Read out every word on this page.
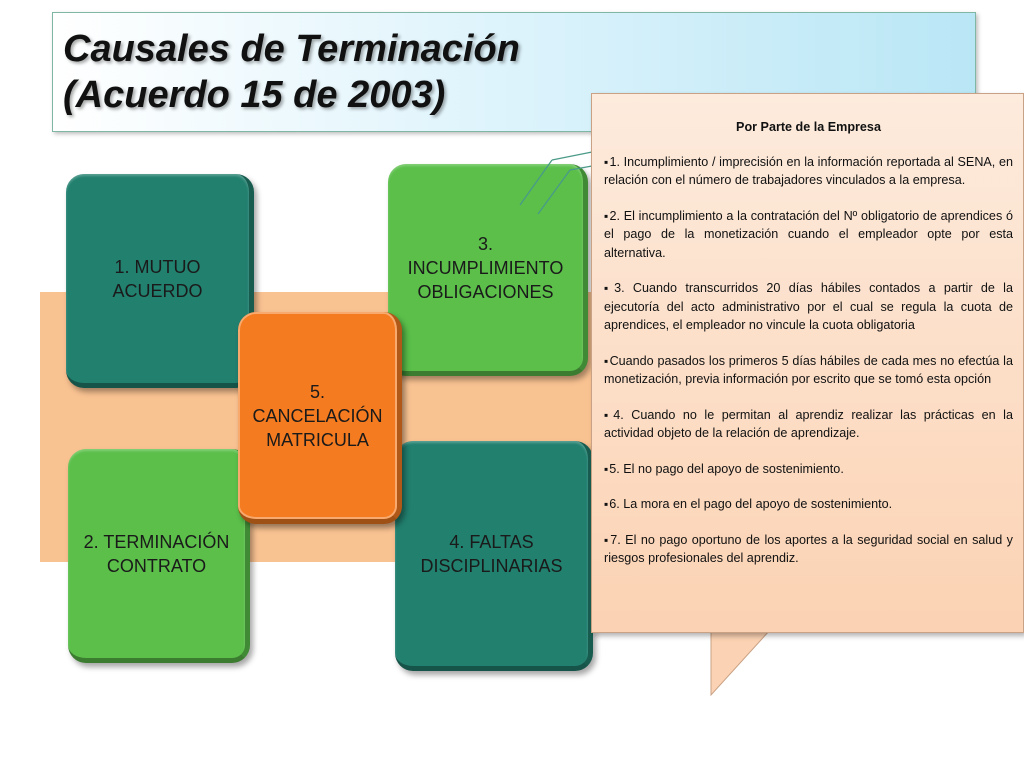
Causales de Terminación
(Acuerdo 15 de 2003)
1. MUTUO ACUERDO
3. INCUMPLIMIENTO OBLIGACIONES
2. TERMINACIÓN CONTRATO
4. FALTAS DISCIPLINARIAS
5. CANCELACIÓN MATRICULA
Por Parte de la Empresa

▪ 1. Incumplimiento / imprecisión en la información reportada al SENA, en relación con el número de trabajadores vinculados a la empresa.

▪ 2. El incumplimiento a la contratación del Nº obligatorio de aprendices ó el pago de la monetización cuando el empleador opte por esta alternativa.

▪ 3. Cuando transcurridos 20 días hábiles contados a partir de la ejecutoría del acto administrativo por el cual se regula la cuota de aprendices, el empleador no vincule la cuota obligatoria

▪ Cuando pasados los primeros 5 días hábiles de cada mes no efectúa la monetización, previa información por escrito que se tomó esta opción

▪ 4. Cuando no le permitan al aprendiz realizar las prácticas en la actividad objeto de la relación de aprendizaje.

▪ 5. El no pago del apoyo de sostenimiento.

▪ 6. La mora en el pago del apoyo de sostenimiento.

▪ 7. El no pago oportuno de los aportes a la seguridad social en salud y riesgos profesionales del aprendiz.
